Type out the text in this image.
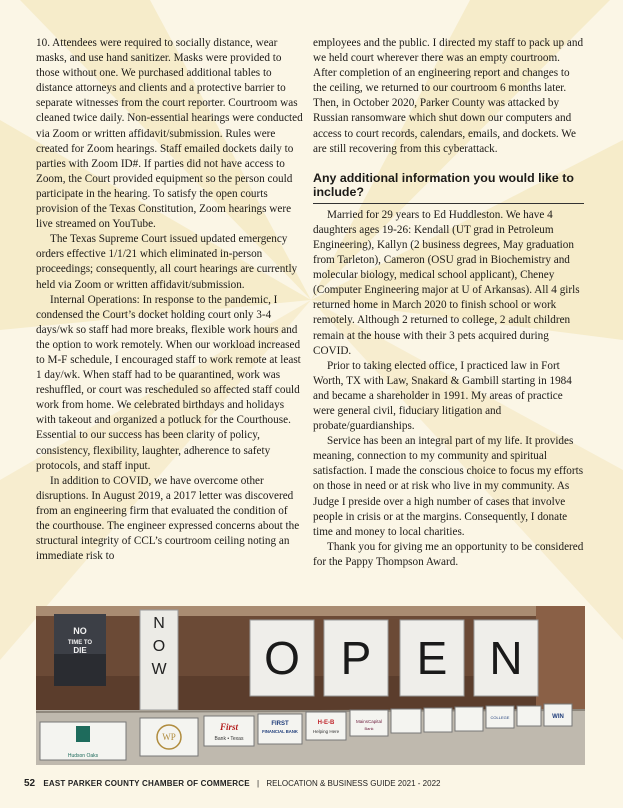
10. Attendees were required to socially distance, wear masks, and use hand sanitizer. Masks were provided to those without one. We purchased additional tables to distance attorneys and clients and a protective barrier to separate witnesses from the court reporter. Courtroom was cleaned twice daily. Non-essential hearings were conducted via Zoom or written affidavit/submission. Rules were created for Zoom hearings. Staff emailed dockets daily to parties with Zoom ID#. If parties did not have access to Zoom, the Court provided equipment so the person could participate in the hearing. To satisfy the open courts provision of the Texas Constitution, Zoom hearings were live streamed on YouTube.

The Texas Supreme Court issued updated emergency orders effective 1/1/21 which eliminated in-person proceedings; consequently, all court hearings are currently held via Zoom or written affidavit/submission.

Internal Operations: In response to the pandemic, I condensed the Court’s docket holding court only 3-4 days/wk so staff had more breaks, flexible work hours and the option to work remotely. When our workload increased to M-F schedule, I encouraged staff to work remote at least 1 day/wk. When staff had to be quarantined, work was reshuffled, or court was rescheduled so affected staff could work from home. We celebrated birthdays and holidays with takeout and organized a potluck for the Courthouse. Essential to our success has been clarity of policy, consistency, flexibility, laughter, adherence to safety protocols, and staff input.

In addition to COVID, we have overcome other disruptions. In August 2019, a 2017 letter was discovered from an engineering firm that evaluated the condition of the courthouse. The engineer expressed concerns about the structural integrity of CCL’s courtroom ceiling noting an immediate risk to

employees and the public. I directed my staff to pack up and we held court wherever there was an empty courtroom. After completion of an engineering report and changes to the ceiling, we returned to our courtroom 6 months later. Then, in October 2020, Parker County was attacked by Russian ransomware which shut down our computers and access to court records, calendars, emails, and dockets. We are still recovering from this cyberattack.

Any additional information you would like to include?

Married for 29 years to Ed Huddleston. We have 4 daughters ages 19-26: Kendall (UT grad in Petroleum Engineering), Kallyn (2 business degrees, May graduation from Tarleton), Cameron (OSU grad in Biochemistry and molecular biology, medical school applicant), Cheney (Computer Engineering major at U of Arkansas). All 4 girls returned home in March 2020 to finish school or work remotely. Although 2 returned to college, 2 adult children remain at the house with their 3 pets acquired during COVID.

Prior to taking elected office, I practiced law in Fort Worth, TX with Law, Snakard & Gambill starting in 1984 and became a shareholder in 1991. My areas of practice were general civil, fiduciary litigation and probate/guardianships.

Service has been an integral part of my life. It provides meaning, connection to my community and spiritual satisfaction. I made the conscious choice to focus my efforts on those in need or at risk who live in my community. As Judge I preside over a high number of cases that involve people in crisis or at the margins. Consequently, I donate time and money to local charities.

Thank you for giving me an opportunity to be considered for the Pappy Thompson Award.

NO
TIME TO
DIE
N
O
W O P E N
Hudson Oaks
WP
First
Bank • Texas
FIRST
FINANCIAL BANK
H-E-B
Helping Here
MainsCapital
Bank
COLLEGE	WIN
52 EAST PARKER COUNTY CHAMBER OF COMMERCE | RELOCATION & BUSINESS GUIDE 2021 - 2022
